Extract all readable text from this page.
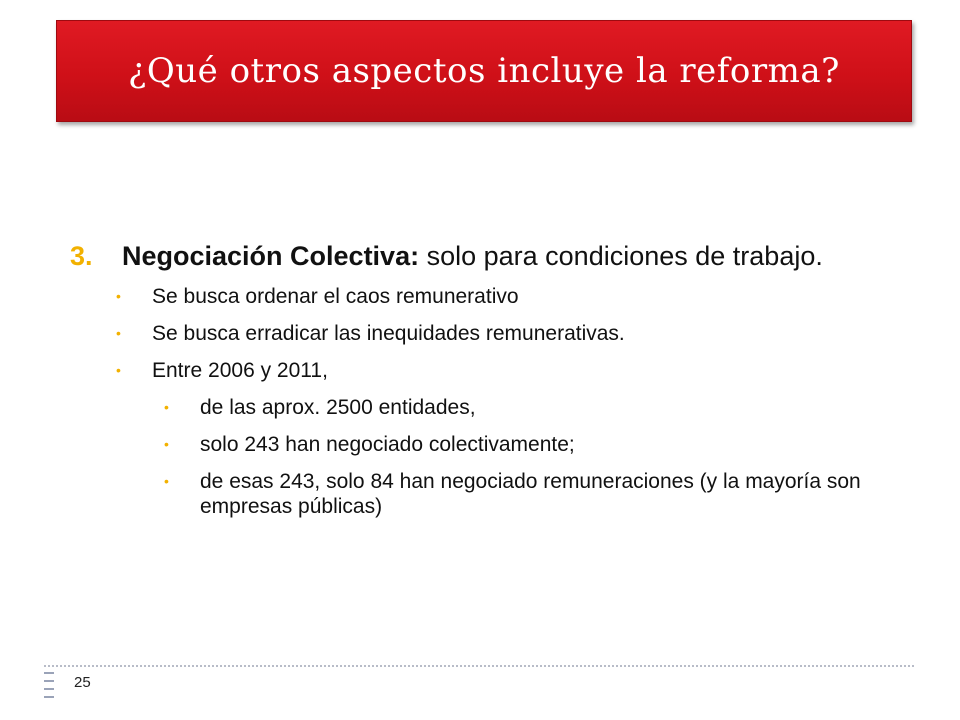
¿Qué otros aspectos incluye la reforma?
3.	Negociación Colectiva: solo para condiciones de trabajo.
•	Se busca ordenar el caos remunerativo
•	Se busca erradicar las inequidades remunerativas.
•	Entre 2006 y 2011,
•	de las aprox. 2500 entidades,
•	solo 243 han negociado colectivamente;
•	de esas 243, solo 84 han negociado remuneraciones (y la mayoría son empresas públicas)
25
